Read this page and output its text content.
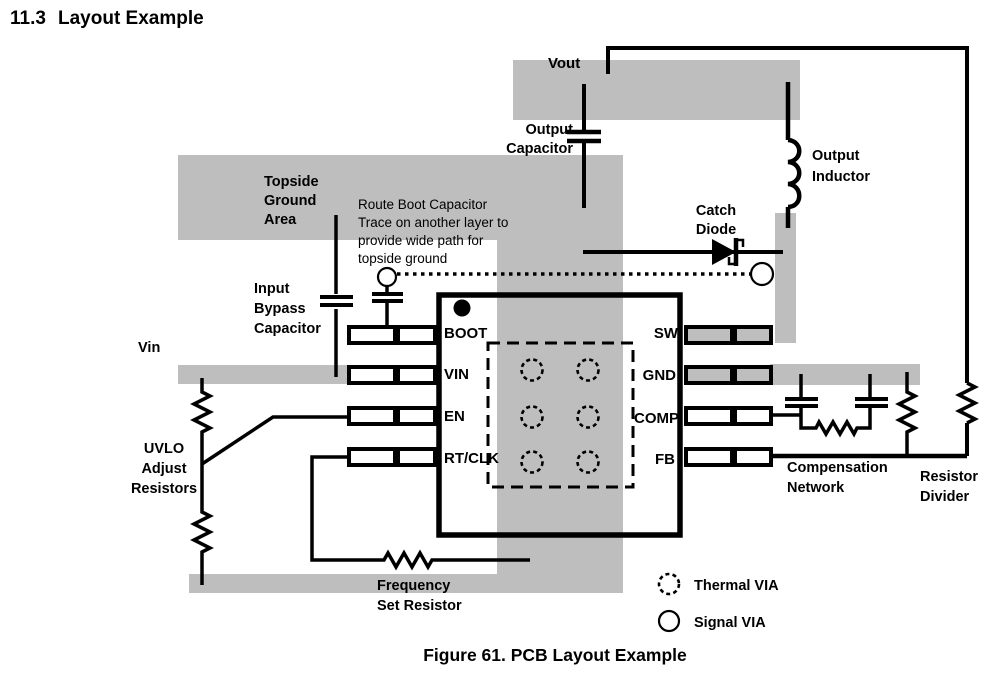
Thermal VIA
Signal VIA
11.3 Layout Example
Vout
Output
Capacitor	Output
Inductor
Topside
Ground
Area
Route Boot Capacitor
Trace on another layer to
provide wide path for
topside ground
Catch
Diode
Input
Bypass
Capacitor
Vin
UVLO
Adjust
Resistors
Frequency
Set Resistor
Compensation
Network
Resistor
Divider
BOOT
VIN
EN
RT/CLK
SW
GND
COMP
FB
Figure 61. PCB Layout Example
